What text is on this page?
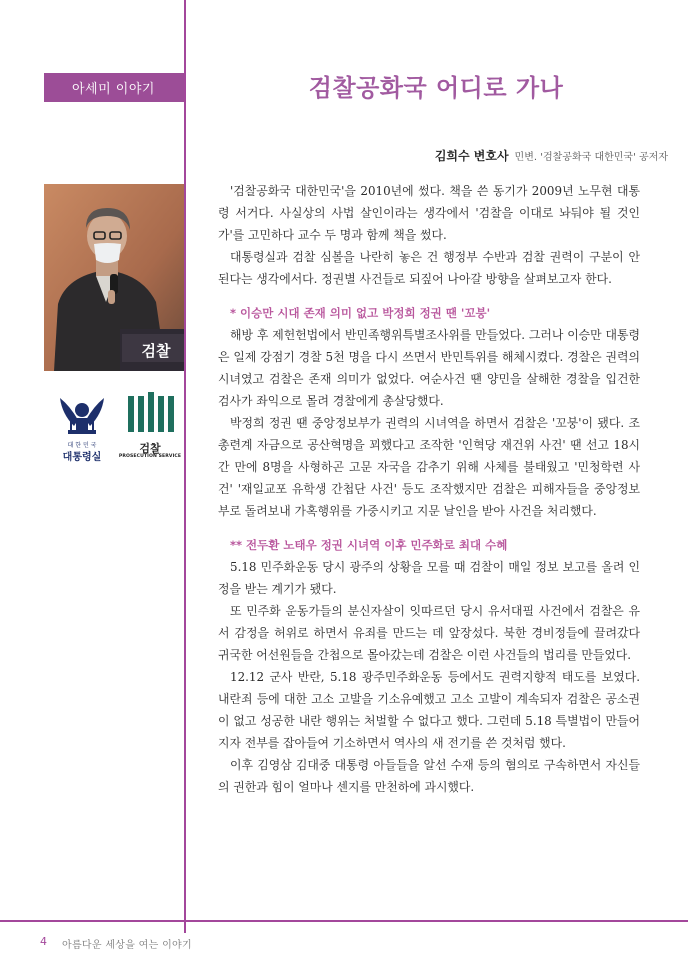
아세미 이야기	검찰공화국 어디로 가나
김희수 변호사 민변. '검찰공화국 대한민국' 공저자
검찰
대 한 민 국
대통령실
검찰
PROSECUTION SERVICE

'검찰공화국 대한민국'을 2010년에 썼다. 책을 쓴 동기가 2009년 노무현 대통령 서거다. 사실상의 사법 살인이라는 생각에서 '검찰을 이대로 놔둬야 될 것인가'를 고민하다 교수 두 명과 함께 책을 썼다.

대통령실과 검찰 심볼을 나란히 놓은 건 행정부 수반과 검찰 권력이 구분이 안 된다는 생각에서다. 정권별 사건들로 되짚어 나아갈 방향을 살펴보고자 한다.

* 이승만 시대 존재 의미 없고 박정희 정권 땐 '꼬붕'

해방 후 제헌헌법에서 반민족행위특별조사위를 만들었다. 그러나 이승만 대통령은 일제 강점기 경찰 5천 명을 다시 쓰면서 반민특위를 해체시켰다. 경찰은 권력의 시녀였고 검찰은 존재 의미가 없었다. 여순사건 땐 양민을 살해한 경찰을 입건한 검사가 좌익으로 몰려 경찰에게 총살당했다.

박정희 정권 땐 중앙정보부가 권력의 시녀역을 하면서 검찰은 '꼬붕'이 됐다. 조총련계 자금으로 공산혁명을 꾀했다고 조작한 '인혁당 재건위 사건' 땐 선고 18시간 만에 8명을 사형하곤 고문 자국을 감추기 위해 사체를 불태웠고 '민청학련 사건' '재일교포 유학생 간첩단 사건' 등도 조작했지만 검찰은 피해자들을 중앙정보부로 돌려보내 가혹행위를 가중시키고 지문 날인을 받아 사건을 처리했다.

** 전두환 노태우 정권 시녀역 이후 민주화로 최대 수혜

5.18 민주화운동 당시 광주의 상황을 모를 때 검찰이 매일 정보 보고를 올려 인정을 받는 계기가 됐다.

또 민주화 운동가들의 분신자살이 잇따르던 당시 유서대필 사건에서 검찰은 유서 감정을 허위로 하면서 유죄를 만드는 데 앞장섰다. 북한 경비정들에 끌려갔다 귀국한 어선원들을 간첩으로 몰아갔는데 검찰은 이런 사건들의 법리를 만들었다.

12.12 군사 반란, 5.18 광주민주화운동 등에서도 권력지향적 태도를 보였다. 내란죄 등에 대한 고소 고발을 기소유예했고 고소 고발이 계속되자 검찰은 공소권이 없고 성공한 내란 행위는 처벌할 수 없다고 했다. 그런데 5.18 특별법이 만들어지자 전부를 잡아들여 기소하면서 역사의 새 전기를 쓴 것처럼 했다.

이후 김영삼 김대중 대통령 아들들을 알선 수재 등의 혐의로 구속하면서 자신들의 권한과 힘이 얼마나 센지를 만천하에 과시했다.

4 아름다운 세상을 여는 이야기
